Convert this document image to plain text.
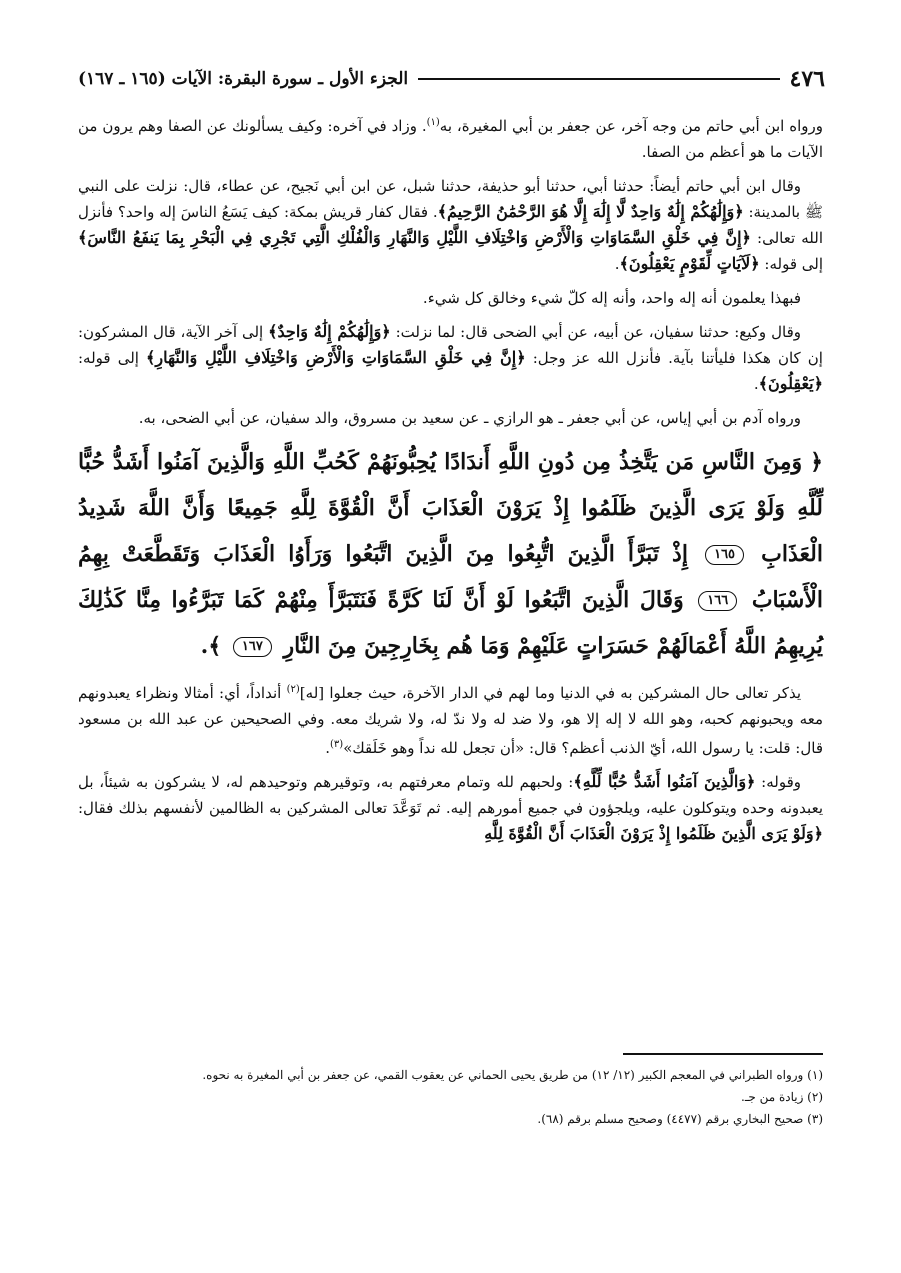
٤٧٦
الجزء الأول ـ سورة البقرة: الآيات (١٦٥ ـ ١٦٧)

ورواه ابن أبي حاتم من وجه آخر، عن جعفر بن أبي المغيرة، به$^{(١)}$. وزاد في آخره: وكيف يسألونك عن الصفا وهم يرون من الآيات ما هو أعظم من الصفا.

وقال ابن أبي حاتم أيضاً: حدثنا أبي، حدثنا أبو حذيفة، حدثنا شبل، عن ابن أبي نَجيح، عن عطاء، قال: نزلت على النبي ﷺ بالمدينة: ﴿وَإِلَٰهُكُمْ إِلَٰهٌ وَاحِدٌ لَّا إِلَٰهَ إِلَّا هُوَ الرَّحْمَٰنُ الرَّحِيمُ﴾. فقال كفار قريش بمكة: كيف يَسَعُ الناسَ إله واحد؟ فأنزل الله تعالى: ﴿إِنَّ فِي خَلْقِ السَّمَاوَاتِ وَالْأَرْضِ وَاخْتِلَافِ اللَّيْلِ وَالنَّهَارِ وَالْفُلْكِ الَّتِي تَجْرِي فِي الْبَحْرِ بِمَا يَنفَعُ النَّاسَ﴾ إلى قوله: ﴿لَآيَاتٍ لِّقَوْمٍ يَعْقِلُونَ﴾.

فبهذا يعلمون أنه إله واحد، وأنه إله كلّ شيء وخالق كل شيء.

وقال وكيع: حدثنا سفيان، عن أبيه، عن أبي الضحى قال: لما نزلت: ﴿وَإِلَٰهُكُمْ إِلَٰهٌ وَاحِدٌ﴾ إلى آخر الآية، قال المشركون: إن كان هكذا فليأتنا بآية. فأنزل الله عز وجل: ﴿إِنَّ فِي خَلْقِ السَّمَاوَاتِ وَالْأَرْضِ وَاخْتِلَافِ اللَّيْلِ وَالنَّهَارِ﴾ إلى قوله: ﴿يَعْقِلُونَ﴾.

ورواه آدم بن أبي إياس، عن أبي جعفر ـ هو الرازي ـ عن سعيد بن مسروق، والد سفيان، عن أبي الضحى، به.

﴿ وَمِنَ النَّاسِ مَن يَتَّخِذُ مِن دُونِ اللَّهِ أَندَادًا يُحِبُّونَهُمْ كَحُبِّ اللَّهِ وَالَّذِينَ آمَنُوا أَشَدُّ حُبًّا لِّلَّهِ وَلَوْ يَرَى الَّذِينَ ظَلَمُوا إِذْ يَرَوْنَ الْعَذَابَ أَنَّ الْقُوَّةَ لِلَّهِ جَمِيعًا وَأَنَّ اللَّهَ شَدِيدُ الْعَذَابِ ١٦٥ إِذْ تَبَرَّأَ الَّذِينَ اتُّبِعُوا مِنَ الَّذِينَ اتَّبَعُوا وَرَأَوُا الْعَذَابَ وَتَقَطَّعَتْ بِهِمُ الْأَسْبَابُ ١٦٦ وَقَالَ الَّذِينَ اتَّبَعُوا لَوْ أَنَّ لَنَا كَرَّةً فَنَتَبَرَّأَ مِنْهُمْ كَمَا تَبَرَّءُوا مِنَّا كَذَٰلِكَ يُرِيهِمُ اللَّهُ أَعْمَالَهُمْ حَسَرَاتٍ عَلَيْهِمْ وَمَا هُم بِخَارِجِينَ مِنَ النَّارِ ١٦٧ ﴾.

يذكر تعالى حال المشركين به في الدنيا وما لهم في الدار الآخرة، حيث جعلوا [له]$^{(٢)}$ أنداداً، أي: أمثالا ونظراء يعبدونهم معه ويحبونهم كحبه، وهو الله لا إله إلا هو، ولا ضد له ولا ندّ له، ولا شريك معه. وفي الصحيحين عن عبد الله بن مسعود قال: قلت: يا رسول الله، أيّ الذنب أعظم؟ قال: «أن تجعل لله نداً وهو خَلَقك»$^{(٣)}$.

وقوله: ﴿وَالَّذِينَ آمَنُوا أَشَدُّ حُبًّا لِّلَّهِ﴾: ولحبهم لله وتمام معرفتهم به، وتوقيرهم وتوحيدهم له، لا يشركون به شيئاً، بل يعبدونه وحده ويتوكلون عليه، ويلجؤون في جميع أمورهم إليه. ثم تَوَعَّدَ تعالى المشركين به الظالمين لأنفسهم بذلك فقال: ﴿وَلَوْ يَرَى الَّذِينَ ظَلَمُوا إِذْ يَرَوْنَ الْعَذَابَ أَنَّ الْقُوَّةَ لِلَّهِ

(١) ورواه الطبراني في المعجم الكبير (١٢/ ١٢) من طريق يحيى الحماني عن يعقوب القمي، عن جعفر بن أبي المغيرة به نحوه.
(٢) زيادة من جـ.
(٣) صحيح البخاري برقم (٤٤٧٧) وصحيح مسلم برقم (٦٨).
